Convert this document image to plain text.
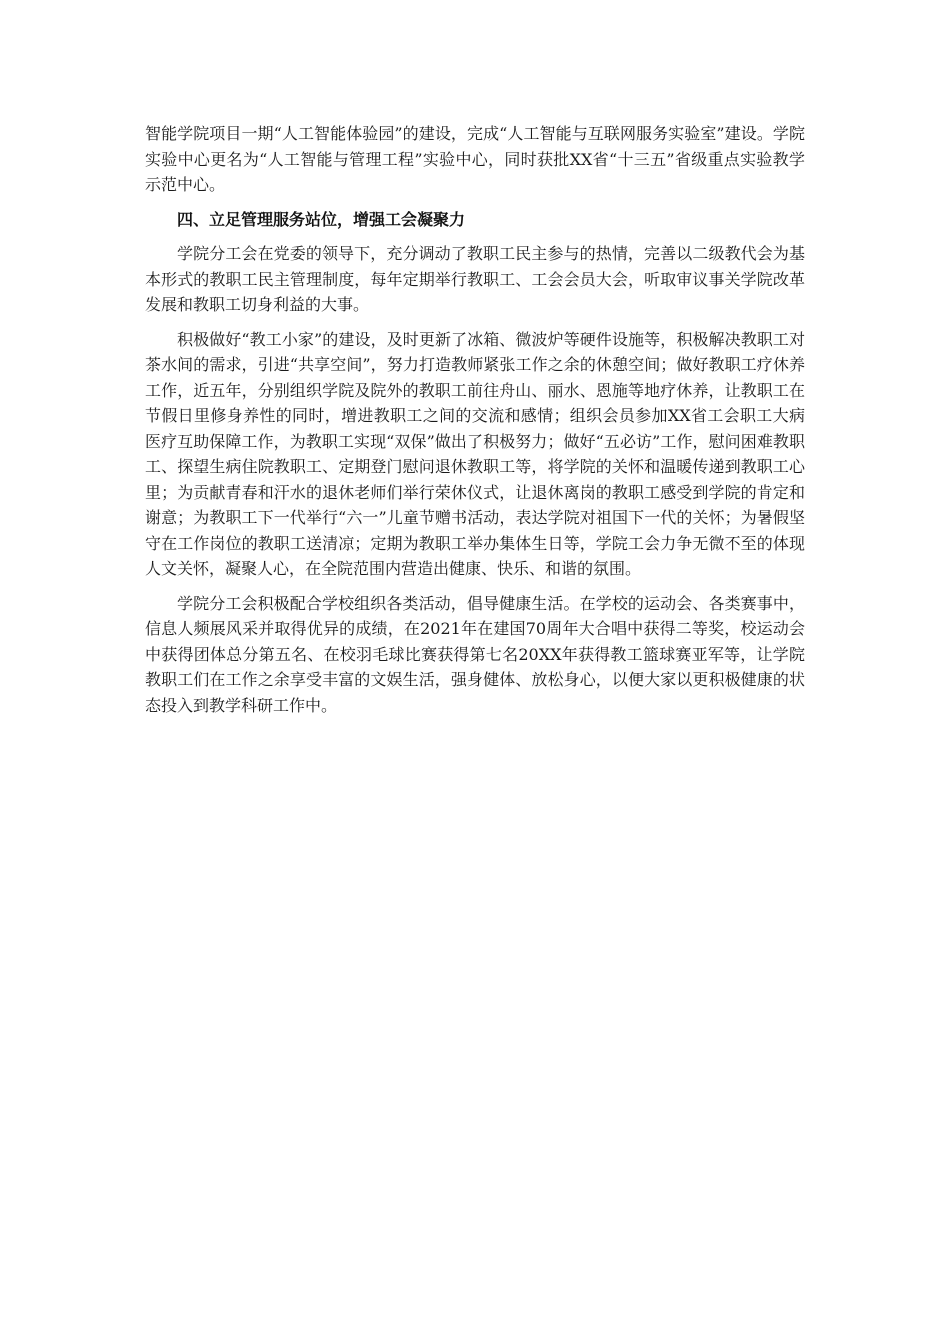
智能学院项目一期“人工智能体验园”的建设，完成“人工智能与互联网服务实验室”建设。学院实验中心更名为“人工智能与管理工程”实验中心，同时获批XX省“十三五”省级重点实验教学示范中心。

四、立足管理服务站位，增强工会凝聚力

学院分工会在党委的领导下，充分调动了教职工民主参与的热情，完善以二级教代会为基本形式的教职工民主管理制度，每年定期举行教职工、工会会员大会，听取审议事关学院改革发展和教职工切身利益的大事。

积极做好“教工小家”的建设，及时更新了冰箱、微波炉等硬件设施等，积极解决教职工对茶水间的需求，引进“共享空间”，努力打造教师紧张工作之余的休憩空间；做好教职工疗休养工作，近五年，分别组织学院及院外的教职工前往舟山、丽水、恩施等地疗休养，让教职工在节假日里修身养性的同时，增进教职工之间的交流和感情；组织会员参加XX省工会职工大病医疗互助保障工作，为教职工实现“双保”做出了积极努力；做好“五必访”工作，慰问困难教职工、探望生病住院教职工、定期登门慰问退休教职工等，将学院的关怀和温暖传递到教职工心里；为贡献青春和汗水的退休老师们举行荣休仪式，让退休离岗的教职工感受到学院的肯定和谢意；为教职工下一代举行“六一”儿童节赠书活动，表达学院对祖国下一代的关怀；为暑假坚守在工作岗位的教职工送清凉；定期为教职工举办集体生日等，学院工会力争无微不至的体现人文关怀，凝聚人心，在全院范围内营造出健康、快乐、和谐的氛围。

学院分工会积极配合学校组织各类活动，倡导健康生活。在学校的运动会、各类赛事中，信息人频展风采并取得优异的成绩，在2021年在建国70周年大合唱中获得二等奖，校运动会中获得团体总分第五名、在校羽毛球比赛获得第七名20XX年获得教工篮球赛亚军等，让学院教职工们在工作之余享受丰富的文娱生活，强身健体、放松身心，以便大家以更积极健康的状态投入到教学科研工作中。
